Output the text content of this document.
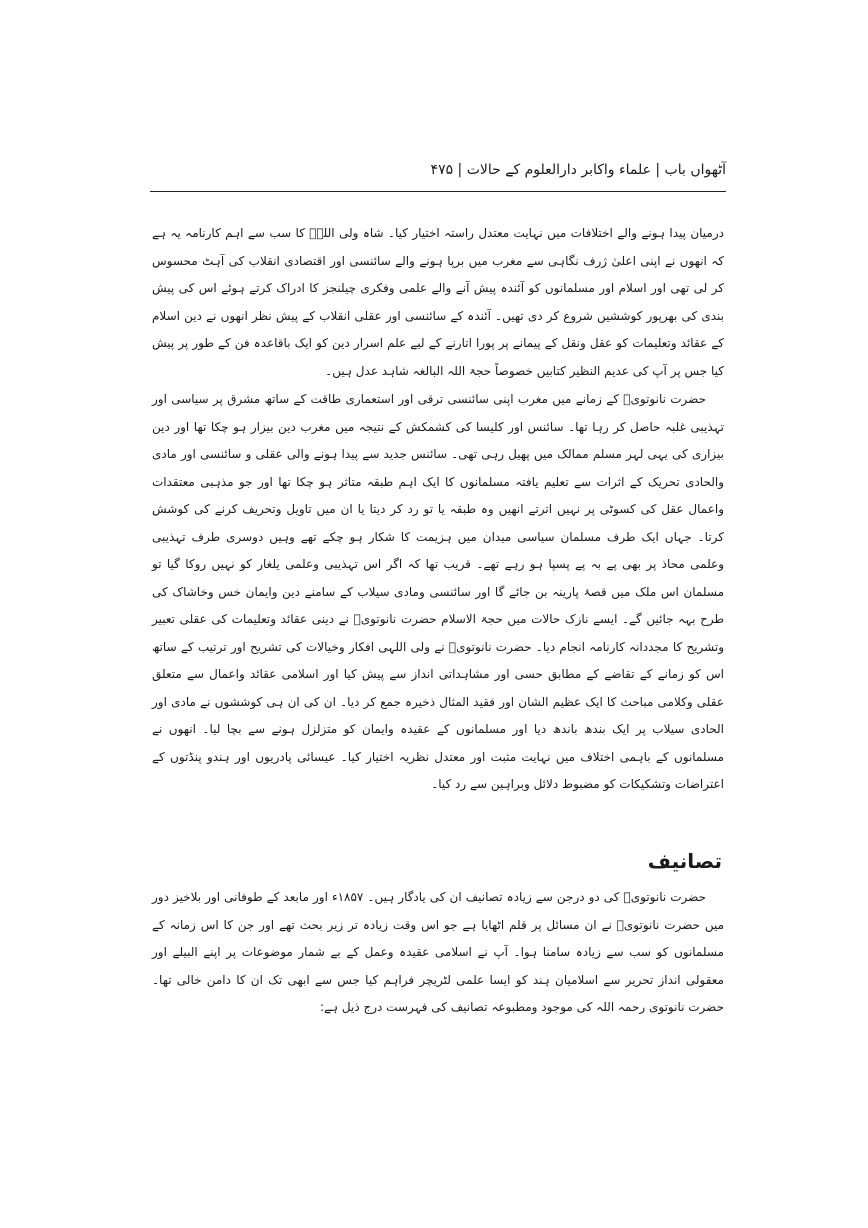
آٹھواں باب | علماء واکابر دارالعلوم کے حالات | ۴۷۵

درمیان پیدا ہونے والے اختلافات میں نہایت معتدل راستہ اختیار کیا۔ شاہ ولی اللہؒ کا سب سے اہم کارنامہ یہ ہے کہ انھوں نے اپنی اعلیٰ ژرف نگاہی سے مغرب میں برپا ہونے والے سائنسی اور اقتصادی انقلاب کی آہٹ محسوس کر لی تھی اور اسلام اور مسلمانوں کو آئندہ پیش آنے والے علمی وفکری چیلنجز کا ادراک کرتے ہوئے اس کی پیش بندی کی بھرپور کوششیں شروع کر دی تھیں۔ آئندہ کے سائنسی اور عقلی انقلاب کے پیش نظر انھوں نے دین اسلام کے عقائد وتعلیمات کو عقل ونقل کے پیمانے پر پورا اتارنے کے لیے علم اسرار دین کو ایک باقاعدہ فن کے طور پر پیش کیا جس پر آپ کی عدیم النظیر کتابیں خصوصاً حجۃ اللہ البالغہ شاہد عدل ہیں۔

حضرت نانوتویؒ کے زمانے میں مغرب اپنی سائنسی ترقی اور استعماری طاقت کے ساتھ مشرق پر سیاسی اور تہذیبی غلبہ حاصل کر رہا تھا۔ سائنس اور کلیسا کی کشمکش کے نتیجہ میں مغرب دین بیزار ہو چکا تھا اور دین بیزاری کی یہی لہر مسلم ممالک میں پھیل رہی تھی۔ سائنس جدید سے پیدا ہونے والی عقلی و سائنسی اور مادی والحادی تحریک کے اثرات سے تعلیم یافتہ مسلمانوں کا ایک اہم طبقہ متاثر ہو چکا تھا اور جو مذہبی معتقدات واعمال عقل کی کسوٹی پر نہیں اترتے انھیں وہ طبقہ یا تو رد کر دیتا یا ان میں تاویل وتحریف کرنے کی کوشش کرتا۔ جہاں ایک طرف مسلمان سیاسی میدان میں ہزیمت کا شکار ہو چکے تھے وہیں دوسری طرف تہذیبی وعلمی محاذ پر بھی پے بہ پے پسپا ہو رہے تھے۔ قریب تھا کہ اگر اس تہذیبی وعلمی یلغار کو نہیں روکا گیا تو مسلمان اس ملک میں قصۂ پارینہ بن جائے گا اور سائنسی ومادی سیلاب کے سامنے دین وایمان خس وخاشاک کی طرح بہہ جائیں گے۔ ایسے نازک حالات میں حجۃ الاسلام حضرت نانوتویؒ نے دینی عقائد وتعلیمات کی عقلی تعبیر وتشریح کا مجددانہ کارنامہ انجام دیا۔ حضرت نانوتویؒ نے ولی اللہی افکار وخیالات کی تشریح اور ترتیب کے ساتھ اس کو زمانے کے تقاضے کے مطابق حسی اور مشاہداتی انداز سے پیش کیا اور اسلامی عقائد واعمال سے متعلق عقلی وکلامی مباحث کا ایک عظیم الشان اور فقید المثال ذخیرہ جمع کر دیا۔ ان کی ان ہی کوششوں نے مادی اور الحادی سیلاب پر ایک بندھ باندھ دیا اور مسلمانوں کے عقیدہ وایمان کو متزلزل ہونے سے بچا لیا۔ انھوں نے مسلمانوں کے باہمی اختلاف میں نہایت مثبت اور معتدل نظریہ اختیار کیا۔ عیسائی پادریوں اور ہندو پنڈتوں کے اعتراضات وتشکیکات کو مضبوط دلائل وبراہین سے رد کیا۔

تصانیف

حضرت نانوتویؒ کی دو درجن سے زیادہ تصانیف ان کی یادگار ہیں۔ ۱۸۵۷ء اور مابعد کے طوفانی اور بلاخیز دور میں حضرت نانوتویؒ نے ان مسائل پر قلم اٹھایا ہے جو اس وقت زیادہ تر زیر بحث تھے اور جن کا اس زمانہ کے مسلمانوں کو سب سے زیادہ سامنا ہوا۔ آپ نے اسلامی عقیدہ وعمل کے بے شمار موضوعات پر اپنے البیلے اور معقولی انداز تحریر سے اسلامیان ہند کو ایسا علمی لٹریچر فراہم کیا جس سے ابھی تک ان کا دامن خالی تھا۔ حضرت نانوتوی رحمہ اللہ کی موجود ومطبوعہ تصانیف کی فہرست درج ذیل ہے:
